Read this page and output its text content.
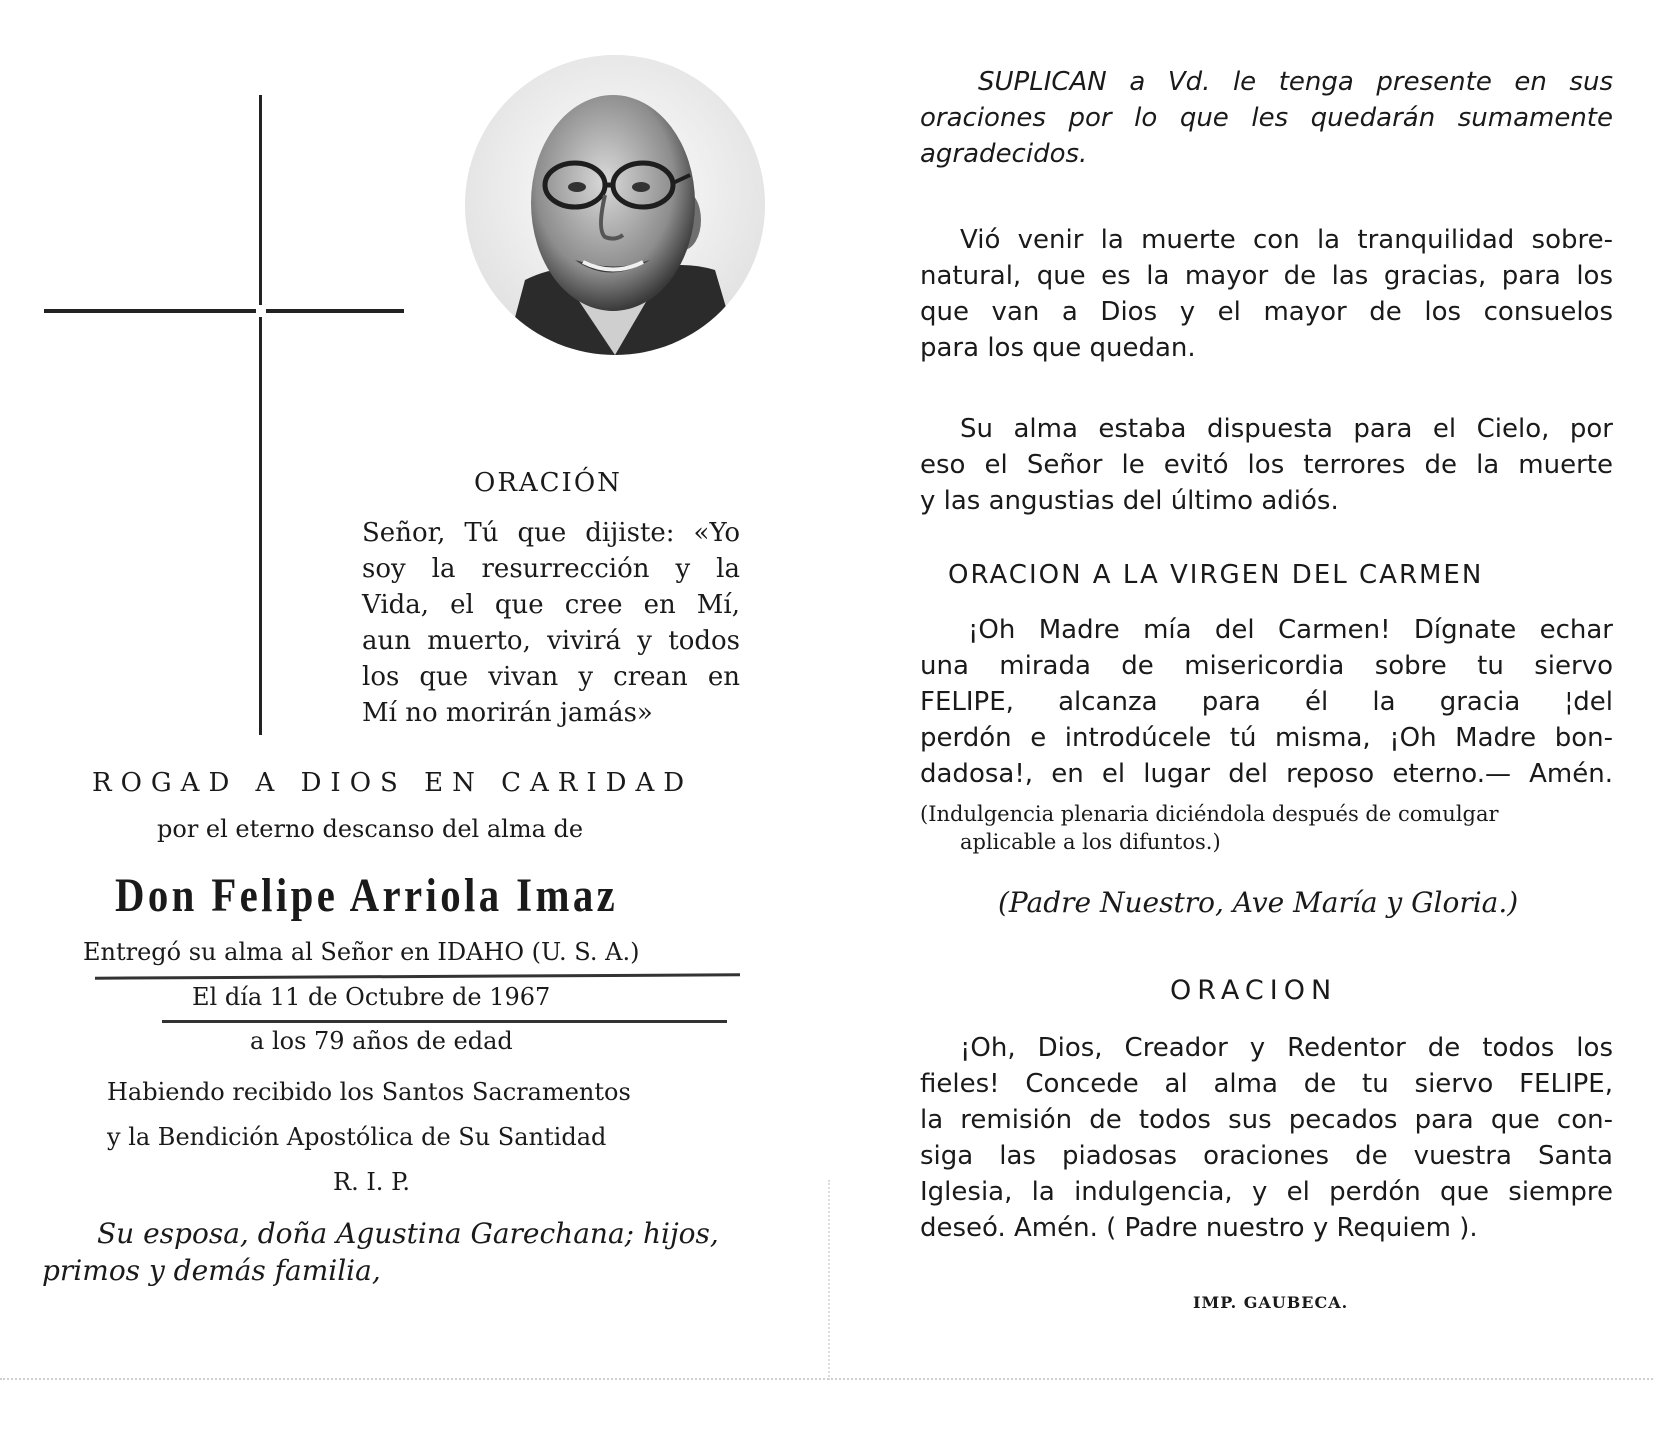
ORACIÓN
Señor, Tú que dijiste: «Yo
soy la resurrección y la
Vida, el que cree en Mí,
aun muerto, vivirá y todos
los que vivan y crean en
Mí no morirán jamás»
ROGAD A DIOS EN CARIDAD
por el eterno descanso del alma de
Don Felipe Arriola Imaz
Entregó su alma al Señor en IDAHO (U. S. A.)
El día 11 de Octubre de 1967
a los 79 años de edad
Habiendo recibido los Santos Sacramentos
y la Bendición Apostólica de Su Santidad
R. I. P.
Su esposa, doña Agustina Garechana; hijos,
primos y demás familia,
SUPLICAN a Vd. le tenga presente en sus
oraciones por lo que les quedarán sumamente
agradecidos.
Vió venir la muerte con la tranquilidad sobre-
natural, que es la mayor de las gracias, para los
que van a Dios y el mayor de los consuelos
para los que quedan.
Su alma estaba dispuesta para el Cielo, por
eso el Señor le evitó los terrores de la muerte
y las angustias del último adiós.
ORACION A LA VIRGEN DEL CARMEN
¡Oh Madre mía del Carmen! Dígnate echar
una mirada de misericordia sobre tu siervo
FELIPE, alcanza para él la gracia ¦del
perdón e introdúcele tú misma, ¡Oh Madre bon-
dadosa!, en el lugar del reposo eterno.— Amén.
(Indulgencia plenaria diciéndola después de comulgar
aplicable a los difuntos.)
(Padre Nuestro, Ave María y Gloria.)
ORACION
¡Oh, Dios, Creador y Redentor de todos los
fieles! Concede al alma de tu siervo FELIPE,
la remisión de todos sus pecados para que con-
siga las piadosas oraciones de vuestra Santa
Iglesia, la indulgencia, y el perdón que siempre
deseó. Amén. ( Padre nuestro y Requiem ).
IMP. GAUBECA.
